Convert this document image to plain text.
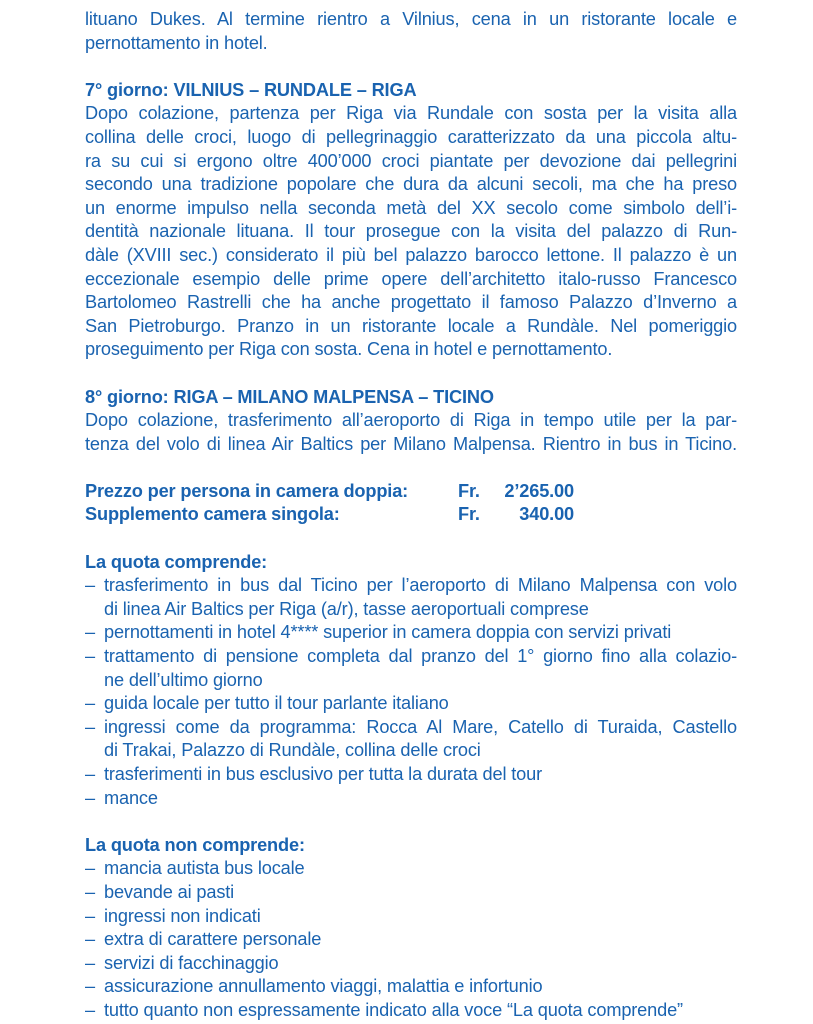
lituano Dukes. Al termine rientro a Vilnius, cena in un ristorante locale e
pernottamento in hotel.
7° giorno: VILNIUS – RUNDALE – RIGA
Dopo colazione, partenza per Riga via Rundale con sosta per la visita alla
collina delle croci, luogo di pellegrinaggio caratterizzato da una piccola altu-
ra su cui si ergono oltre 400’000 croci piantate per devozione dai pellegrini
secondo una tradizione popolare che dura da alcuni secoli, ma che ha preso
un enorme impulso nella seconda metà del XX secolo come simbolo dell’i-
dentità nazionale lituana. Il tour prosegue con la visita del palazzo di Run-
dàle (XVIII sec.) considerato il più bel palazzo barocco lettone. Il palazzo è un
eccezionale esempio delle prime opere dell’architetto italo-russo Francesco
Bartolomeo Rastrelli che ha anche progettato il famoso Palazzo d’Inverno a
San Pietroburgo. Pranzo in un ristorante locale a Rundàle. Nel pomeriggio
proseguimento per Riga con sosta. Cena in hotel e pernottamento.
8° giorno: RIGA – MILANO MALPENSA – TICINO
Dopo colazione, trasferimento all’aeroporto di Riga in tempo utile per la par-
tenza del volo di linea Air Baltics per Milano Malpensa. Rientro in bus in Ticino.
Prezzo per persona in camera doppia:	Fr.	2’265.00
Supplemento camera singola:	Fr.	340.00
La quota comprende:
– trasferimento in bus dal Ticino per l’aeroporto di Milano Malpensa con volo
di linea Air Baltics per Riga (a/r), tasse aeroportuali comprese
– pernottamenti in hotel 4**** superior in camera doppia con servizi privati
– trattamento di pensione completa dal pranzo del 1° giorno fino alla colazio-
ne dell’ultimo giorno
– guida locale per tutto il tour parlante italiano
– ingressi come da programma: Rocca Al Mare, Catello di Turaida, Castello
di Trakai, Palazzo di Rundàle, collina delle croci
– trasferimenti in bus esclusivo per tutta la durata del tour
– mance
La quota non comprende:
– mancia autista bus locale
– bevande ai pasti
– ingressi non indicati
– extra di carattere personale
– servizi di facchinaggio
– assicurazione annullamento viaggi, malattia e infortunio
– tutto quanto non espressamente indicato alla voce “La quota comprende”
